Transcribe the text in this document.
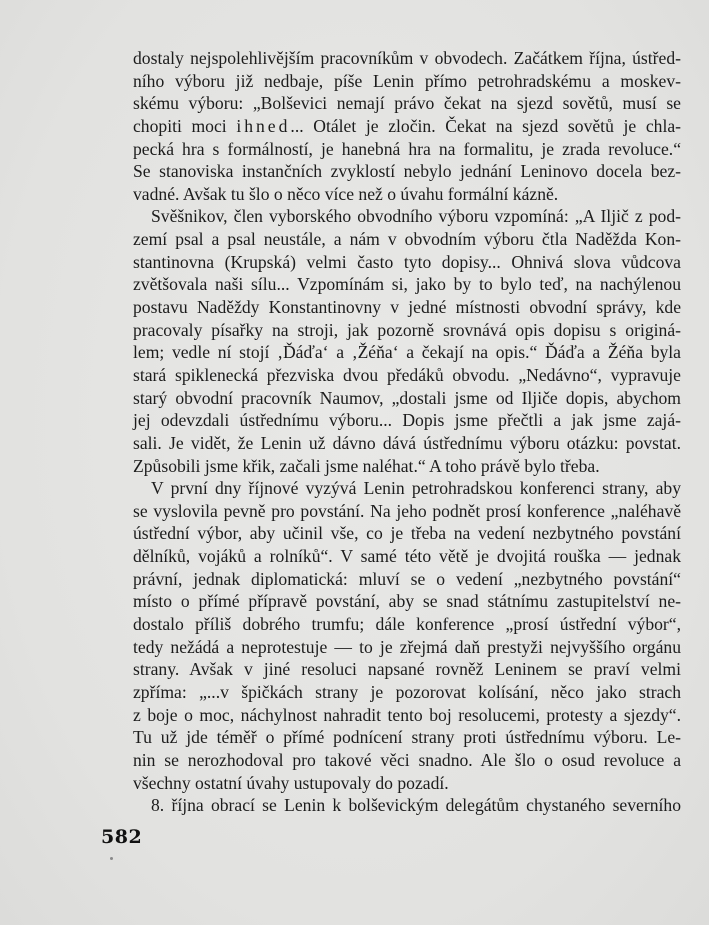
dostaly nejspolehlivějším pracovníkům v obvodech. Začátkem října, ústřed-
ního výboru již nedbaje, píše Lenin přímo petrohradskému a moskev-
skému výboru: „Bolševici nemají právo čekat na sjezd sovětů, musí se
chopiti moci ihned... Otálet je zločin. Čekat na sjezd sovětů je chla-
pecká hra s formálností, je hanebná hra na formalitu, je zrada revoluce.“
Se stanoviska instančních zvyklostí nebylo jednání Leninovo docela bez-
vadné. Avšak tu šlo o něco více než o úvahu formální kázně.
Svěšnikov, člen vyborského obvodního výboru vzpomíná: „A Iljič z pod-
zemí psal a psal neustále, a nám v obvodním výboru čtla Naděžda Kon-
stantinovna (Krupská) velmi často tyto dopisy... Ohnivá slova vůdcova
zvětšovala naši sílu... Vzpomínám si, jako by to bylo teď, na nachýlenou
postavu Naděždy Konstantinovny v jedné místnosti obvodní správy, kde
pracovaly písařky na stroji, jak pozorně srovnává opis dopisu s originá-
lem; vedle ní stojí ‚Ďáďa‘ a ‚Žéňa‘ a čekají na opis.“ Ďáďa a Žéňa byla
stará spiklenecká přezviska dvou předáků obvodu. „Nedávno“, vypravuje
starý obvodní pracovník Naumov, „dostali jsme od Iljiče dopis, abychom
jej odevzdali ústřednímu výboru... Dopis jsme přečtli a jak jsme zajá-
sali. Je vidět, že Lenin už dávno dává ústřednímu výboru otázku: povstat.
Způsobili jsme křik, začali jsme naléhat.“ A toho právě bylo třeba.
V první dny říjnové vyzývá Lenin petrohradskou konferenci strany, aby
se vyslovila pevně pro povstání. Na jeho podnět prosí konference „naléhavě
ústřední výbor, aby učinil vše, co je třeba na vedení nezbytného povstání
dělníků, vojáků a rolníků“. V samé této větě je dvojitá rouška — jednak
právní, jednak diplomatická: mluví se o vedení „nezbytného povstání“
místo o přímé přípravě povstání, aby se snad státnímu zastupitelství ne-
dostalo příliš dobrého trumfu; dále konference „prosí ústřední výbor“,
tedy nežádá a neprotestuje — to je zřejmá daň prestyži nejvyššího orgánu
strany. Avšak v jiné resoluci napsané rovněž Leninem se praví velmi
zpříma: „...v špičkách strany je pozorovat kolísání, něco jako strach
z boje o moc, náchylnost nahradit tento boj resolucemi, protesty a sjezdy“.
Tu už jde téměř o přímé podnícení strany proti ústřednímu výboru. Le-
nin se nerozhodoval pro takové věci snadno. Ale šlo o osud revoluce a
všechny ostatní úvahy ustupovaly do pozadí.
8. října obrací se Lenin k bolševickým delegátům chystaného severního
582
